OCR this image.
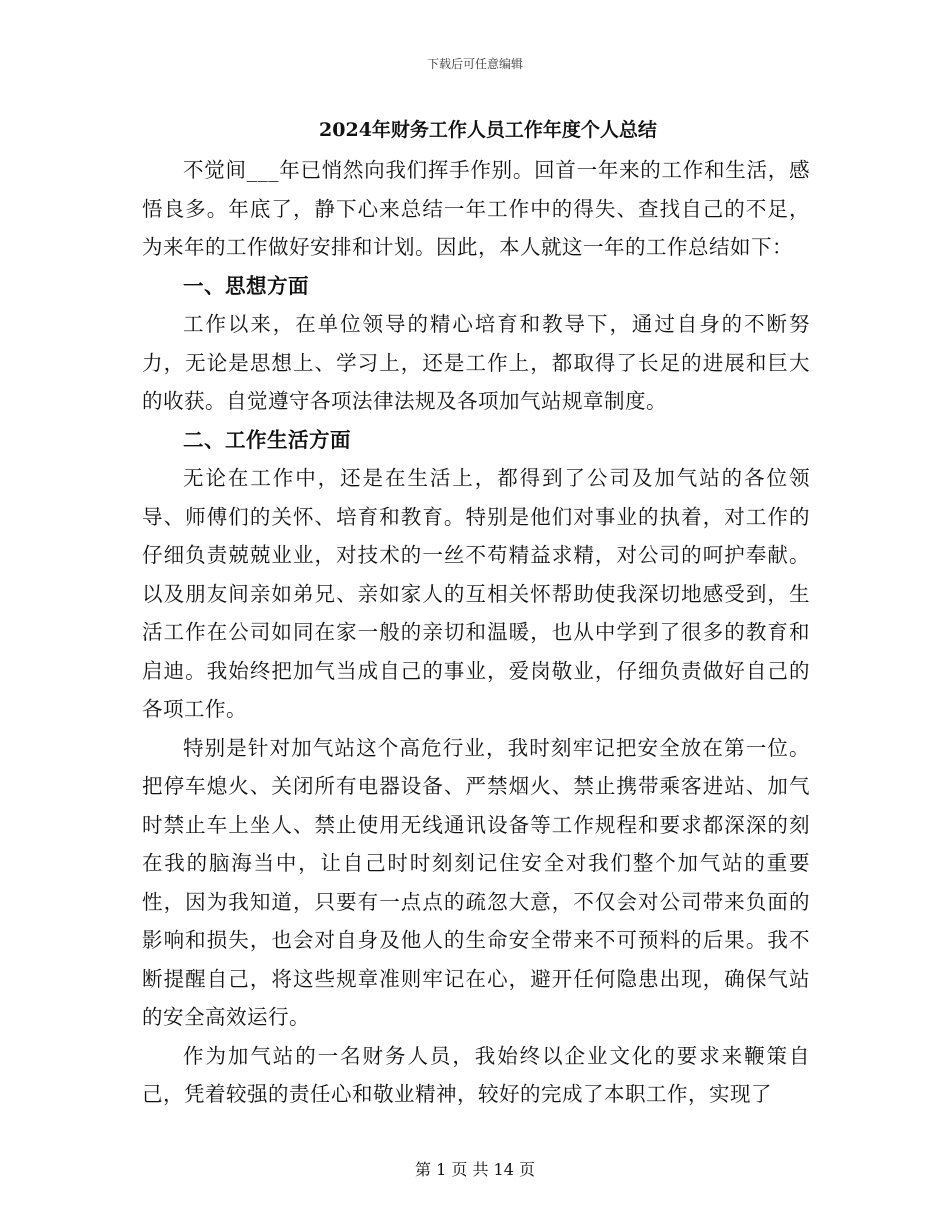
下载后可任意编辑
2024年财务工作人员工作年度个人总结

不觉间___年已悄然向我们挥手作别。回首一年来的工作和生活，感悟良多。年底了，静下心来总结一年工作中的得失、查找自己的不足，为来年的工作做好安排和计划。因此，本人就这一年的工作总结如下：

一、思想方面

工作以来，在单位领导的精心培育和教导下，通过自身的不断努力，无论是思想上、学习上，还是工作上，都取得了长足的进展和巨大的收获。自觉遵守各项法律法规及各项加气站规章制度。

二、工作生活方面

无论在工作中，还是在生活上，都得到了公司及加气站的各位领导、师傅们的关怀、培育和教育。特别是他们对事业的执着，对工作的仔细负责兢兢业业，对技术的一丝不苟精益求精，对公司的呵护奉献。以及朋友间亲如弟兄、亲如家人的互相关怀帮助使我深切地感受到，生活工作在公司如同在家一般的亲切和温暖，也从中学到了很多的教育和启迪。我始终把加气当成自己的事业，爱岗敬业，仔细负责做好自己的各项工作。

特别是针对加气站这个高危行业，我时刻牢记把安全放在第一位。把停车熄火、关闭所有电器设备、严禁烟火、禁止携带乘客进站、加气时禁止车上坐人、禁止使用无线通讯设备等工作规程和要求都深深的刻在我的脑海当中，让自己时时刻刻记住安全对我们整个加气站的重要性，因为我知道，只要有一点点的疏忽大意，不仅会对公司带来负面的影响和损失，也会对自身及他人的生命安全带来不可预料的后果。我不断提醒自己，将这些规章准则牢记在心，避开任何隐患出现，确保气站的安全高效运行。

作为加气站的一名财务人员，我始终以企业文化的要求来鞭策自己，凭着较强的责任心和敬业精神，较好的完成了本职工作，实现了

第 1 页 共 14 页
